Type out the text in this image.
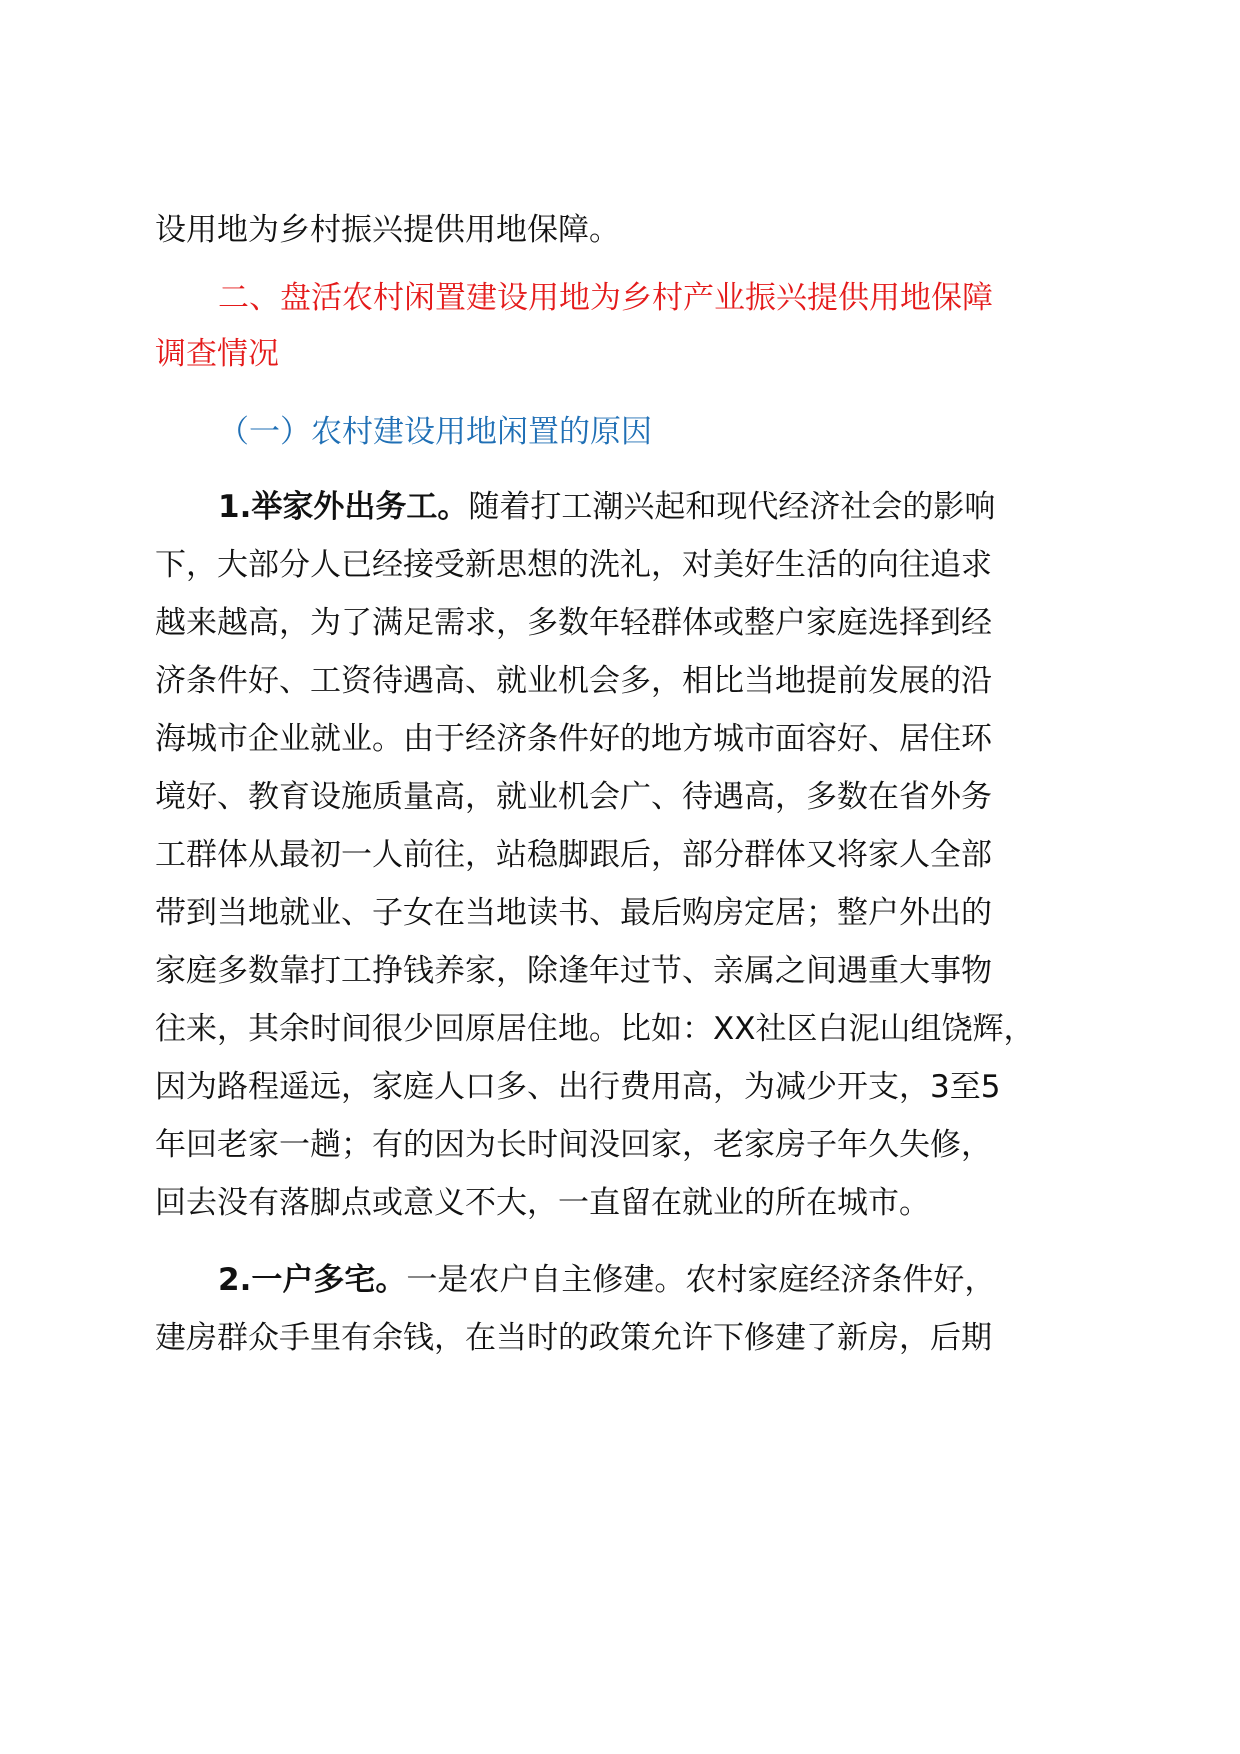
设用地为乡村振兴提供用地保障。
二、盘活农村闲置建设用地为乡村产业振兴提供用地保障
调查情况
（一）农村建设用地闲置的原因
1.举家外出务工。随着打工潮兴起和现代经济社会的影响
下，大部分人已经接受新思想的洗礼，对美好生活的向往追求
越来越高，为了满足需求，多数年轻群体或整户家庭选择到经
济条件好、工资待遇高、就业机会多，相比当地提前发展的沿
海城市企业就业。由于经济条件好的地方城市面容好、居住环
境好、教育设施质量高，就业机会广、待遇高，多数在省外务
工群体从最初一人前往，站稳脚跟后，部分群体又将家人全部
带到当地就业、子女在当地读书、最后购房定居；整户外出的
家庭多数靠打工挣钱养家，除逢年过节、亲属之间遇重大事物
往来，其余时间很少回原居住地。比如：XX社区白泥山组饶辉，
因为路程遥远，家庭人口多、出行费用高，为减少开支，3至5
年回老家一趟；有的因为长时间没回家，老家房子年久失修，
回去没有落脚点或意义不大，一直留在就业的所在城市。
2.一户多宅。一是农户自主修建。农村家庭经济条件好，
建房群众手里有余钱，在当时的政策允许下修建了新房，后期
